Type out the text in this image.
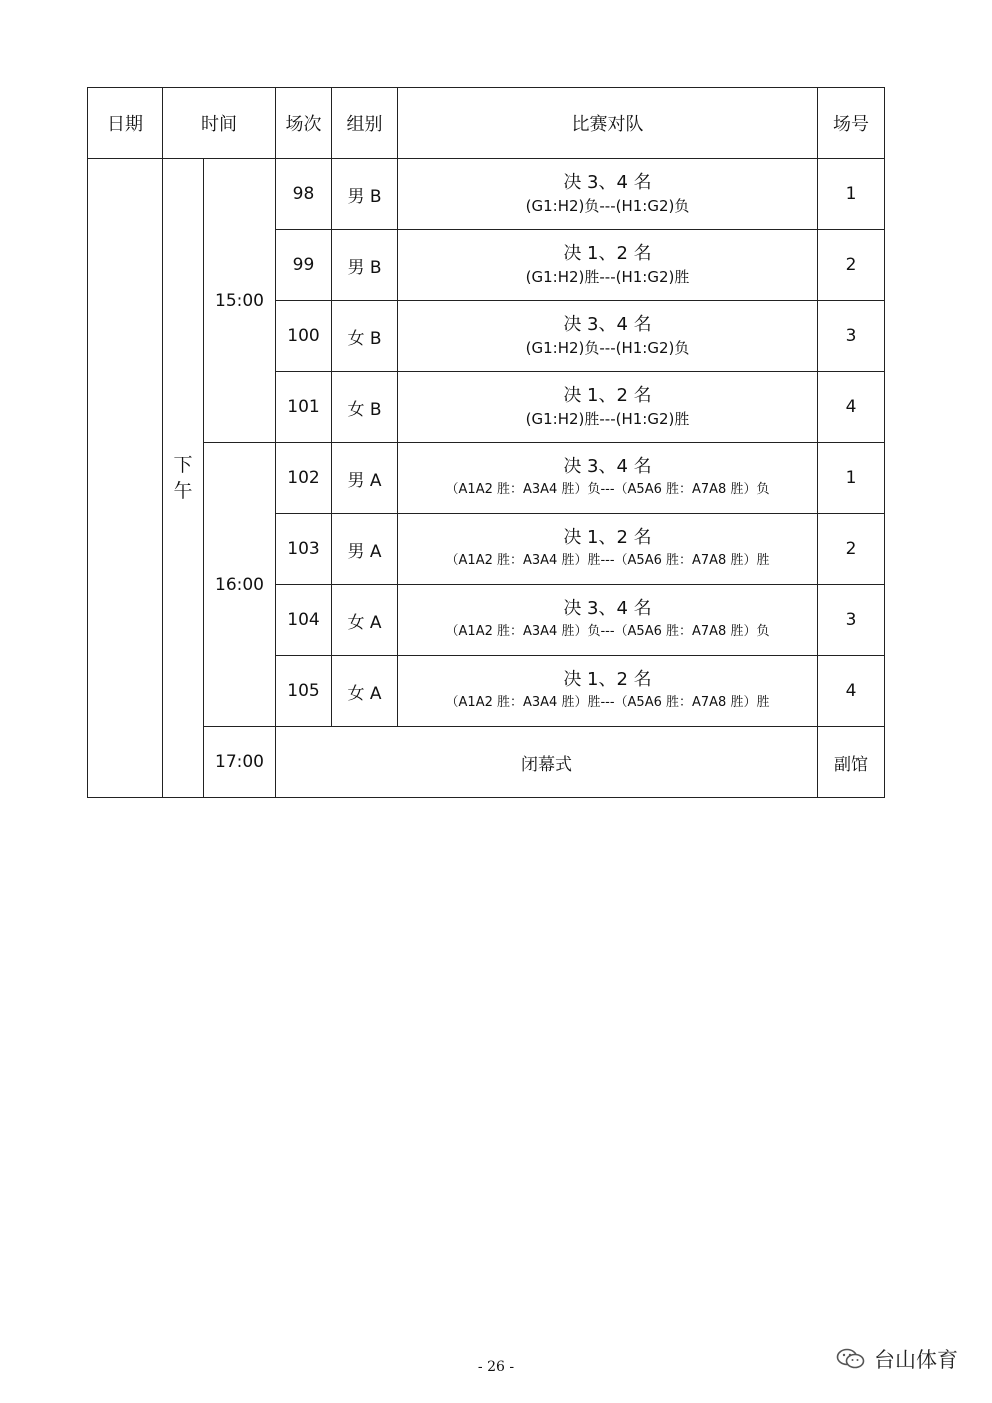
日期	时间		场次	组别	比赛对队	场号
	下午	15:00	98	男 B	决 3、4 名
(G1:H2)负---(H1:G2)负	1
			99	男 B	决 1、2 名
(G1:H2)胜---(H1:G2)胜	2
			100	女 B	决 3、4 名
(G1:H2)负---(H1:G2)负	3
			101	女 B	决 1、2 名
(G1:H2)胜---(H1:G2)胜	4
		16:00	102	男 A	决 3、4 名
（A1A2 胜：A3A4 胜）负---（A5A6 胜：A7A8 胜）负	1
			103	男 A	决 1、2 名
（A1A2 胜：A3A4 胜）胜---（A5A6 胜：A7A8 胜）胜	2
			104	女 A	决 3、4 名
（A1A2 胜：A3A4 胜）负---（A5A6 胜：A7A8 胜）负	3
			105	女 A	决 1、2 名
（A1A2 胜：A3A4 胜）胜---（A5A6 胜：A7A8 胜）胜	4
		17:00	闭幕式			副馆
- 26 -	台山体育
